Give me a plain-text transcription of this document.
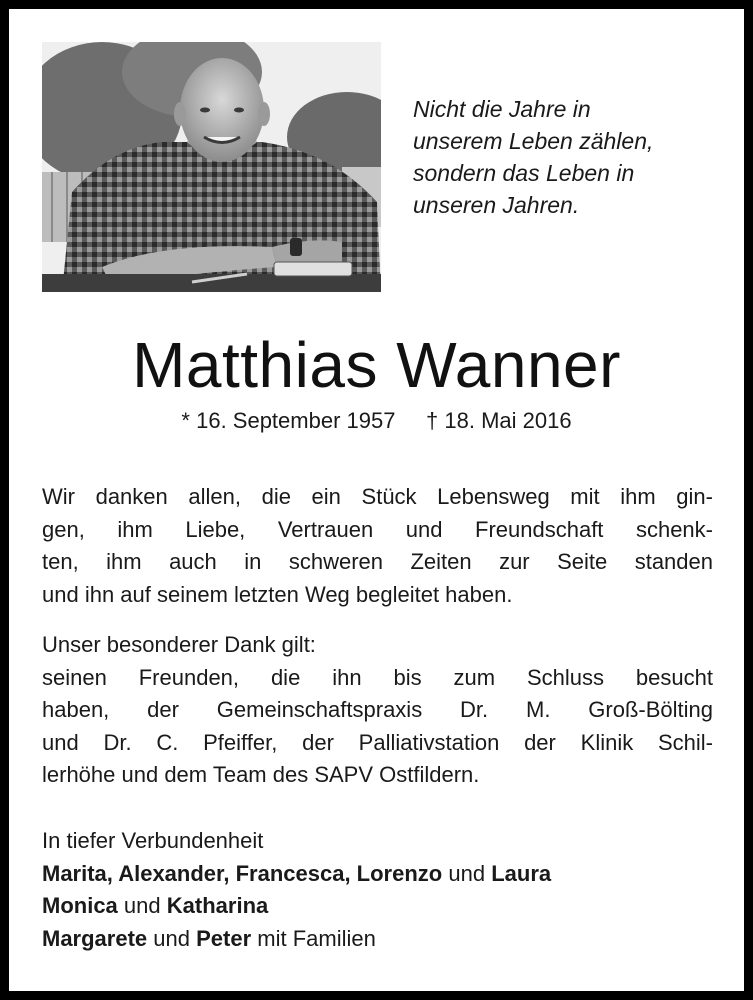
Nicht die Jahre in
unserem Leben zählen,
sondern das Leben in
unseren Jahren.
Matthias Wanner
* 16. September 1957     † 18. Mai 2016
Wir danken allen, die ein Stück Lebensweg mit ihm gin-
gen, ihm Liebe, Vertrauen und Freundschaft schenk-
ten, ihm auch in schweren Zeiten zur Seite standen
und ihn auf seinem letzten Weg begleitet haben.
Unser besonderer Dank gilt:
seinen Freunden, die ihn bis zum Schluss besucht
haben, der Gemeinschaftspraxis Dr. M. Groß-Bölting
und Dr. C. Pfeiffer, der Palliativstation der Klinik Schil-
lerhöhe und dem Team des SAPV Ostfildern.
In tiefer Verbundenheit
Marita, Alexander, Francesca, Lorenzo und Laura
Monica und Katharina
Margarete und Peter mit Familien
